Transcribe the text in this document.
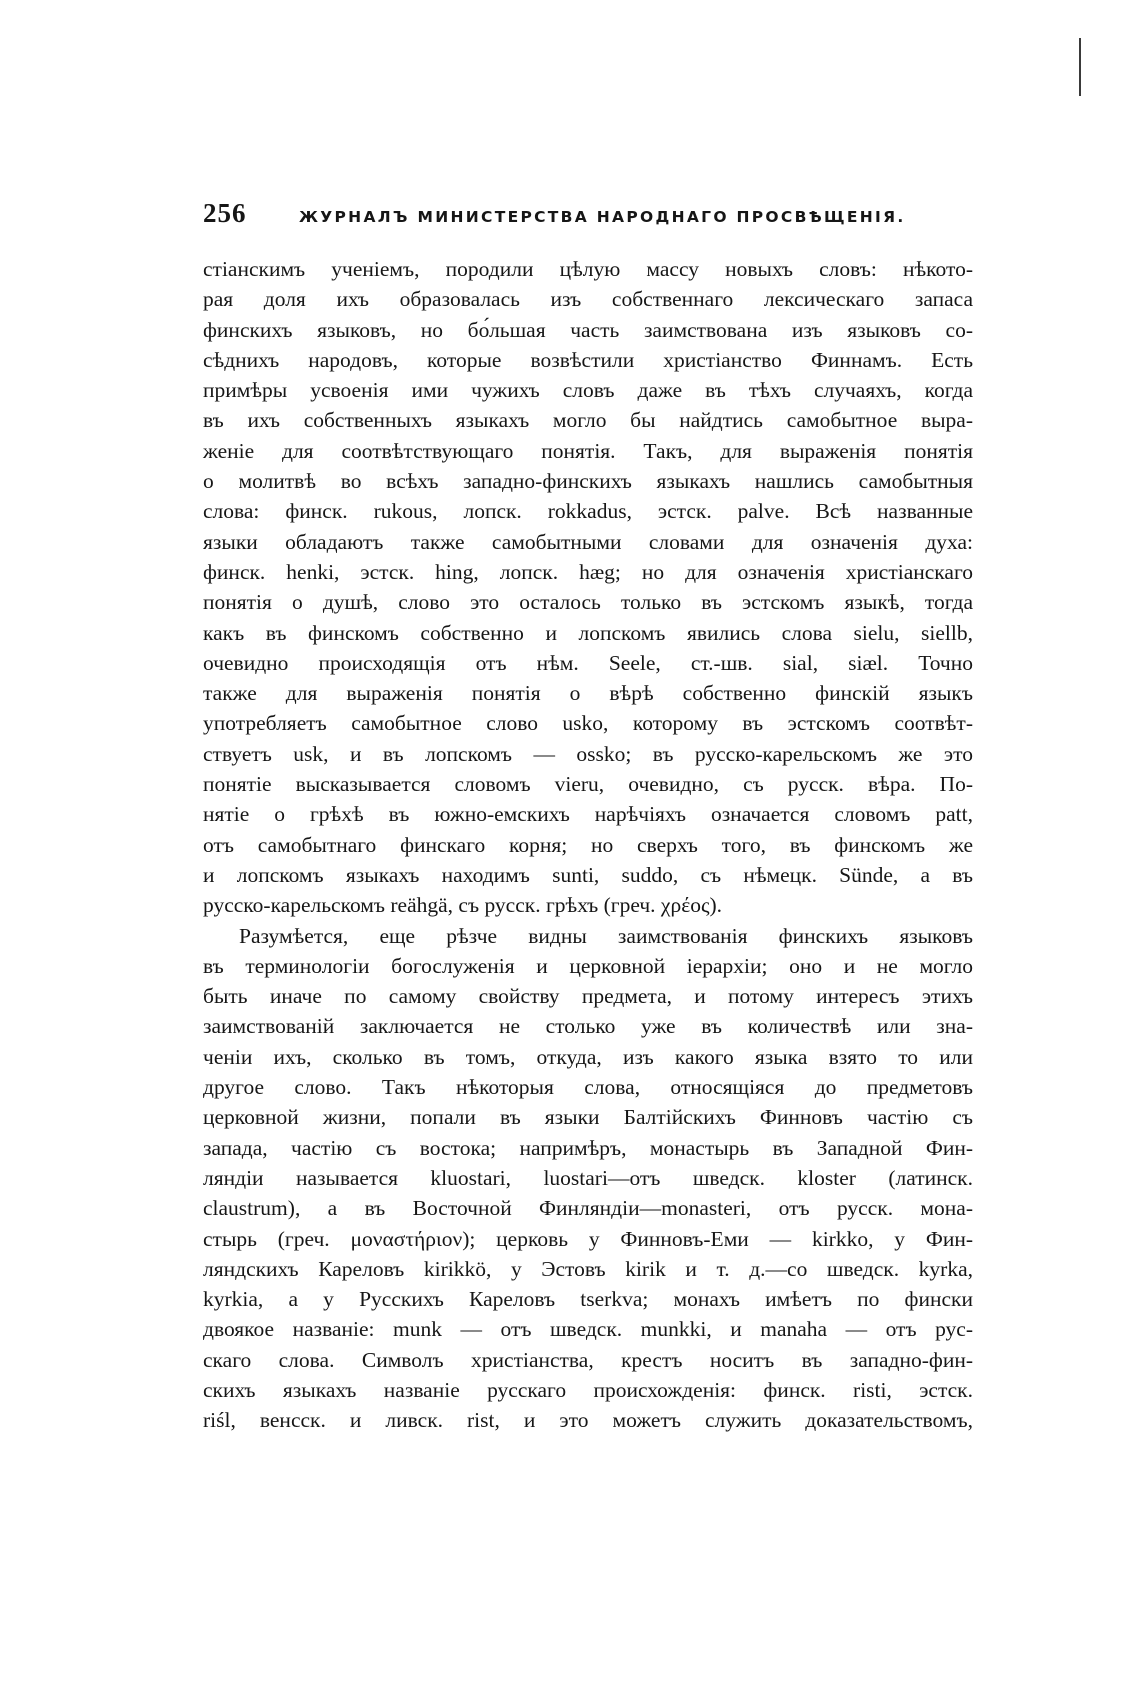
256	ЖУРНАЛЪ МИНИСТЕРСТВА НАРОДНАГО ПРОСВѢЩЕНІЯ.
стіанскимъ ученіемъ, породили цѣлую массу новыхъ словъ: нѣкото-
рая доля ихъ образовалась изъ собственнаго лексическаго запаса
финскихъ языковъ, но бо́льшая часть заимствована изъ языковъ со-
сѣднихъ народовъ, которые возвѣстили христіанство Финнамъ. Есть
примѣры усвоенія ими чужихъ словъ даже въ тѣхъ случаяхъ, когда
въ ихъ собственныхъ языкахъ могло бы найдтись самобытное выра-
женіе для соотвѣтствующаго понятія. Такъ, для выраженія понятія
о молитвѣ во всѣхъ западно-финскихъ языкахъ нашлись самобытныя
слова: финск. rukous, лопск. rokkadus, эстск. palve. Всѣ названные
языки обладаютъ также самобытными словами для означенія духа:
финск. henki, эстск. hing, лопск. hæg; но для означенія христіанскаго
понятія о душѣ, слово это осталось только въ эстскомъ языкѣ, тогда
какъ въ финскомъ собственно и лопскомъ явились слова sielu, siellb,
очевидно происходящія отъ нѣм. Seele, ст.-шв. sial, siæl. Точно
также для выраженія понятія о вѣрѣ собственно финскій языкъ
употребляетъ самобытное слово usko, которому въ эстскомъ соотвѣт-
ствуетъ usk, и въ лопскомъ — ossko; въ русско-карельскомъ же это
понятіе высказывается словомъ vieru, очевидно, съ русск. вѣра. По-
нятіе о грѣхѣ въ южно-емскихъ нарѣчіяхъ означается словомъ patt,
отъ самобытнаго финскаго корня; но сверхъ того, въ финскомъ же
и лопскомъ языкахъ находимъ sunti, suddo, съ нѣмецк. Sünde, а въ
русско-карельскомъ reähgä, съ русск. грѣхъ (греч. χρέος).
Разумѣется, еще рѣзче видны заимствованія финскихъ языковъ
въ терминологіи богослуженія и церковной іерархіи; оно и не могло
быть иначе по самому свойству предмета, и потому интересъ этихъ
заимствованій заключается не столько уже въ количествѣ или зна-
ченіи ихъ, сколько въ томъ, откуда, изъ какого языка взято то или
другое слово. Такъ нѣкоторыя слова, относящіяся до предметовъ
церковной жизни, попали въ языки Балтійскихъ Финновъ частію съ
запада, частію съ востока; напримѣръ, монастырь въ Западной Фин-
ляндіи называется kluostari, luostari—отъ шведск. kloster (латинск.
claustrum), а въ Восточной Финляндіи—monasteri, отъ русск. мона-
стырь (греч. μοναστήριον); церковь у Финновъ-Еми — kirkko, у Фин-
ляндскихъ Кареловъ kirikkö, у Эстовъ kirik и т. д.—со шведск. kyrka,
kyrkia, а у Русскихъ Кареловъ tserkva; монахъ имѣетъ по фински
двоякое названіе: munk — отъ шведск. munkki, и manaha — отъ рус-
скаго слова. Символъ христіанства, крестъ носитъ въ западно-фин-
скихъ языкахъ названіе русскаго происхожденія: финск. risti, эстск.
riśl, венсск. и ливск. rist, и это можетъ служить доказательствомъ,
